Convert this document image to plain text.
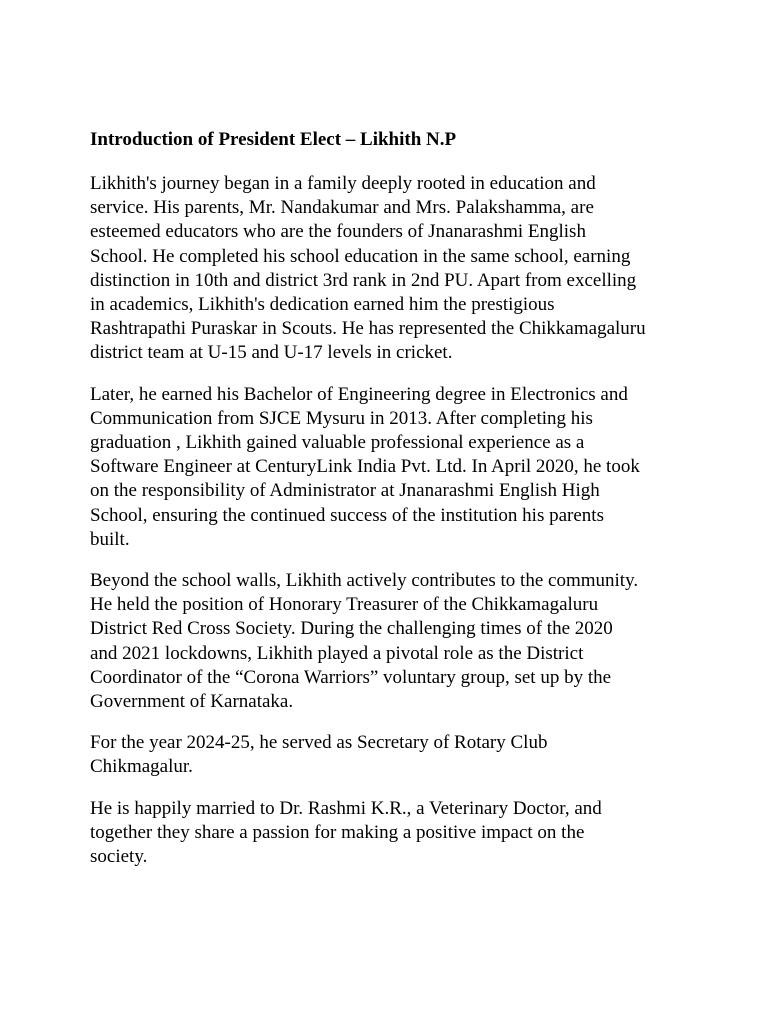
Introduction of President Elect – Likhith N.P
Likhith's journey began in a family deeply rooted in education and
service. His parents, Mr. Nandakumar and Mrs. Palakshamma, are
esteemed educators who are the founders of Jnanarashmi English
School. He completed his school education in the same school, earning
distinction in 10th and district 3rd rank in 2nd PU. Apart from excelling
in academics, Likhith's dedication earned him the prestigious
Rashtrapathi Puraskar in Scouts. He has represented the Chikkamagaluru
district team at U-15 and U-17 levels in cricket.
Later, he earned his Bachelor of Engineering degree in Electronics and
Communication from SJCE Mysuru in 2013. After completing his
graduation , Likhith gained valuable professional experience as a
Software Engineer at CenturyLink India Pvt. Ltd. In April 2020, he took
on the responsibility of Administrator at Jnanarashmi English High
School, ensuring the continued success of the institution his parents
built.
Beyond the school walls, Likhith actively contributes to the community.
He held the position of Honorary Treasurer of the Chikkamagaluru
District Red Cross Society. During the challenging times of the 2020
and 2021 lockdowns, Likhith played a pivotal role as the District
Coordinator of the “Corona Warriors” voluntary group, set up by the
Government of Karnataka.
For the year 2024-25, he served as Secretary of Rotary Club
Chikmagalur.
He is happily married to Dr. Rashmi K.R., a Veterinary Doctor, and
together they share a passion for making a positive impact on the
society.
